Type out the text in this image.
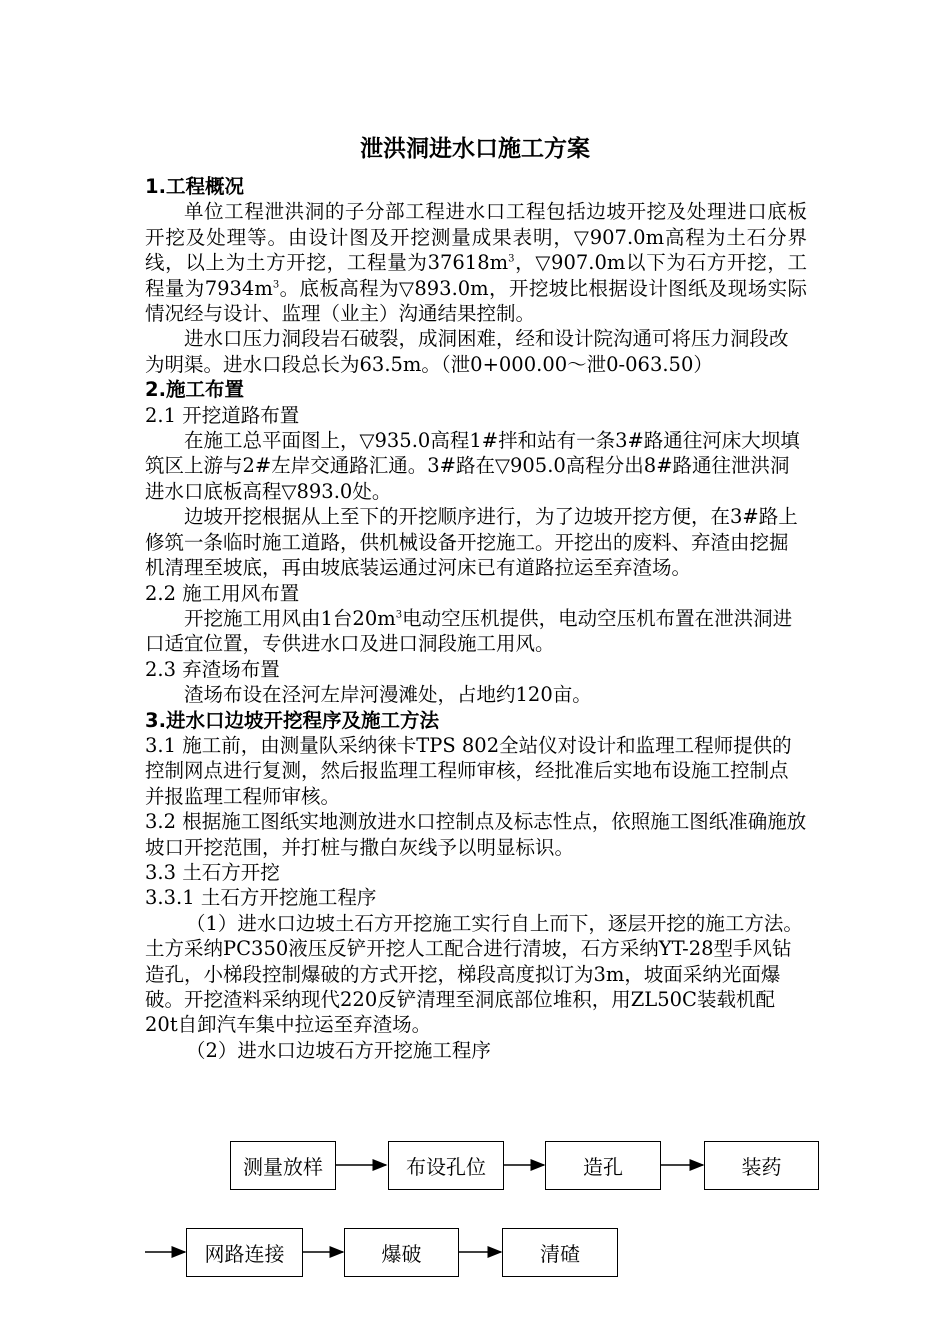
泄洪洞进水口施工方案

1.工程概况

单位工程泄洪洞的子分部工程进水口工程包括边坡开挖及处理进口底板开挖及处理等。由设计图及开挖测量成果表明，▽907.0m高程为土石分界线，以上为土方开挖，工程量为$37618m^3$，▽907.0m以下为石方开挖，工程量为$7934m^3$。底板高程为▽893.0m，开挖坡比根据设计图纸及现场实际情况经与设计、监理（业主）沟通结果控制。

进水口压力洞段岩石破裂，成洞困难，经和设计院沟通可将压力洞段改为明渠。进水口段总长为63.5m。（泄0+000.00～泄0-063.50）

2.施工布置

2.1 开挖道路布置

在施工总平面图上，▽935.0高程1#拌和站有一条3#路通往河床大坝填筑区上游与2#左岸交通路汇通。3#路在▽905.0高程分出8#路通往泄洪洞进水口底板高程▽893.0处。

边坡开挖根据从上至下的开挖顺序进行，为了边坡开挖方便，在3#路上修筑一条临时施工道路，供机械设备开挖施工。开挖出的废料、弃渣由挖掘机清理至坡底，再由坡底装运通过河床已有道路拉运至弃渣场。

2.2 施工用风布置

开挖施工用风由1台$20m^3$电动空压机提供，电动空压机布置在泄洪洞进口适宜位置，专供进水口及进口洞段施工用风。

2.3 弃渣场布置

渣场布设在泾河左岸河漫滩处，占地约120亩。

3.进水口边坡开挖程序及施工方法

3.1 施工前，由测量队采纳徕卡TPS 802全站仪对设计和监理工程师提供的控制网点进行复测，然后报监理工程师审核，经批准后实地布设施工控制点并报监理工程师审核。

3.2 根据施工图纸实地测放进水口控制点及标志性点，依照施工图纸准确施放坡口开挖范围，并打桩与撒白灰线予以明显标识。

3.3 土石方开挖

3.3.1 土石方开挖施工程序

（1）进水口边坡土石方开挖施工实行自上而下，逐层开挖的施工方法。土方采纳PC350液压反铲开挖人工配合进行清坡，石方采纳YT-28型手风钻造孔，小梯段控制爆破的方式开挖，梯段高度拟订为3m，坡面采纳光面爆破。开挖渣料采纳现代220反铲清理至洞底部位堆积，用ZL50C装载机配20t自卸汽车集中拉运至弃渣场。

（2）进水口边坡石方开挖施工程序

测量放样	布设孔位	造孔	装药
网路连接	爆破	清碴
